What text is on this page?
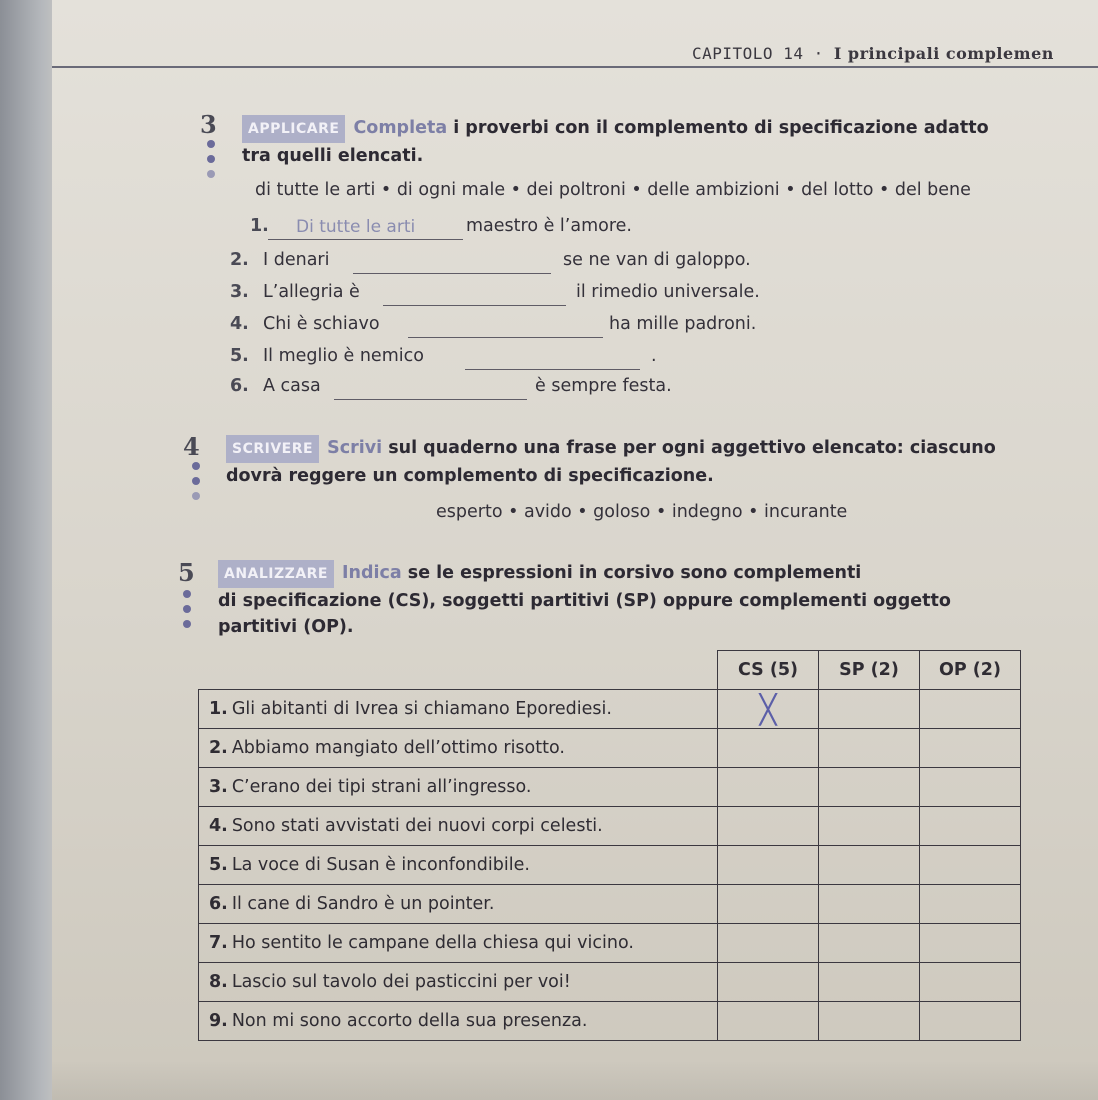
CAPITOLO 14 · I principali complemen
3	APPLICARE Completa i proverbi con il complemento di specificazione adatto
tra quelli elencati.
di tutte le arti • di ogni male • dei poltroni • delle ambizioni • del lotto • del bene
1.	Di tutte le arti	maestro è l’amore.
2. I denari	se ne van di galoppo.
3. L’allegria è	il rimedio universale.
4. Chi è schiavo	ha mille padroni.
5. Il meglio è nemico	.
6. A casa	è sempre festa.
4	SCRIVERE Scrivi sul quaderno una frase per ogni aggettivo elencato: ciascuno
dovrà reggere un complemento di specificazione.
esperto • avido • goloso • indegno • incurante
5	ANALIZZARE Indica se le espressioni in corsivo sono complementi
di specificazione (CS), soggetti partitivi (SP) oppure complementi oggetto
partitivi (OP).
	CS (5)	SP (2)	OP (2)
1. Gli abitanti di Ivrea si chiamano Eporediesi.	╳		
2. Abbiamo mangiato dell’ottimo risotto.			
3. C’erano dei tipi strani all’ingresso.			
4. Sono stati avvistati dei nuovi corpi celesti.			
5. La voce di Susan è inconfondibile.			
6. Il cane di Sandro è un pointer.			
7. Ho sentito le campane della chiesa qui vicino.			
8. Lascio sul tavolo dei pasticcini per voi!			
9. Non mi sono accorto della sua presenza.			
